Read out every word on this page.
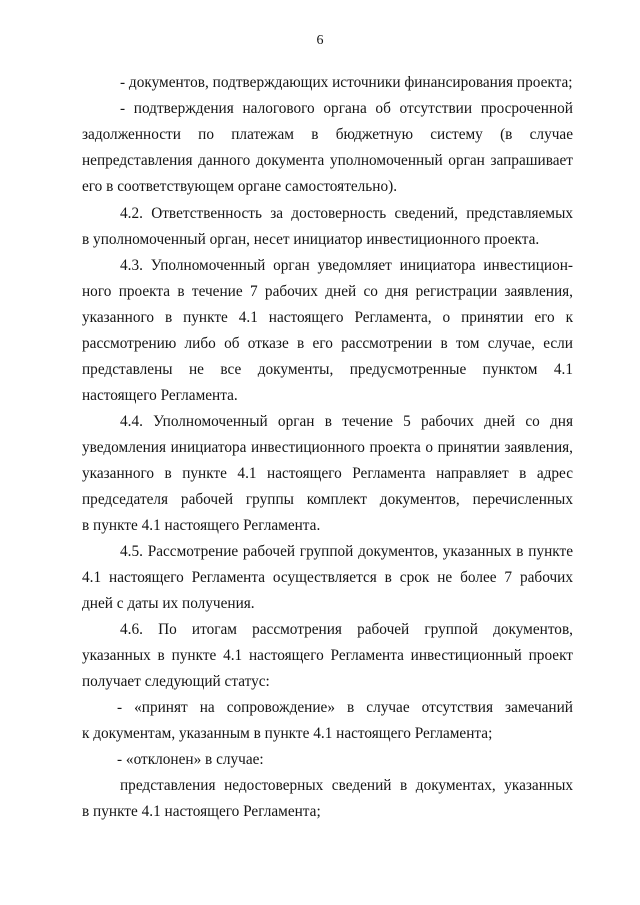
6
- документов, подтверждающих источники финансирования проекта;
- подтверждения налогового органа об отсутствии просроченной
задолженности по платежам в бюджетную систему (в случае
непредставления данного документа уполномоченный орган запрашивает
его в соответствующем органе самостоятельно).
4.2. Ответственность за достоверность сведений, представляемых
в уполномоченный орган, несет инициатор инвестиционного проекта.
4.3. Уполномоченный орган уведомляет инициатора инвестицион-
ного проекта в течение 7 рабочих дней со дня регистрации заявления,
указанного в пункте 4.1 настоящего Регламента, о принятии его к
рассмотрению либо об отказе в его рассмотрении в том случае, если
представлены не все документы, предусмотренные пунктом 4.1
настоящего Регламента.
4.4. Уполномоченный орган в течение 5 рабочих дней со дня
уведомления инициатора инвестиционного проекта о принятии заявления,
указанного в пункте 4.1 настоящего Регламента направляет в адрес
председателя рабочей группы комплект документов, перечисленных
в пункте 4.1 настоящего Регламента.
4.5. Рассмотрение рабочей группой документов, указанных в пункте
4.1 настоящего Регламента осуществляется в срок не более 7 рабочих
дней с даты их получения.
4.6. По итогам рассмотрения рабочей группой документов,
указанных в пункте 4.1 настоящего Регламента инвестиционный проект
получает следующий статус:
- «принят на сопровождение» в случае отсутствия замечаний
к документам, указанным в пункте 4.1 настоящего Регламента;
- «отклонен» в случае:
представления недостоверных сведений в документах, указанных
в пункте 4.1 настоящего Регламента;
